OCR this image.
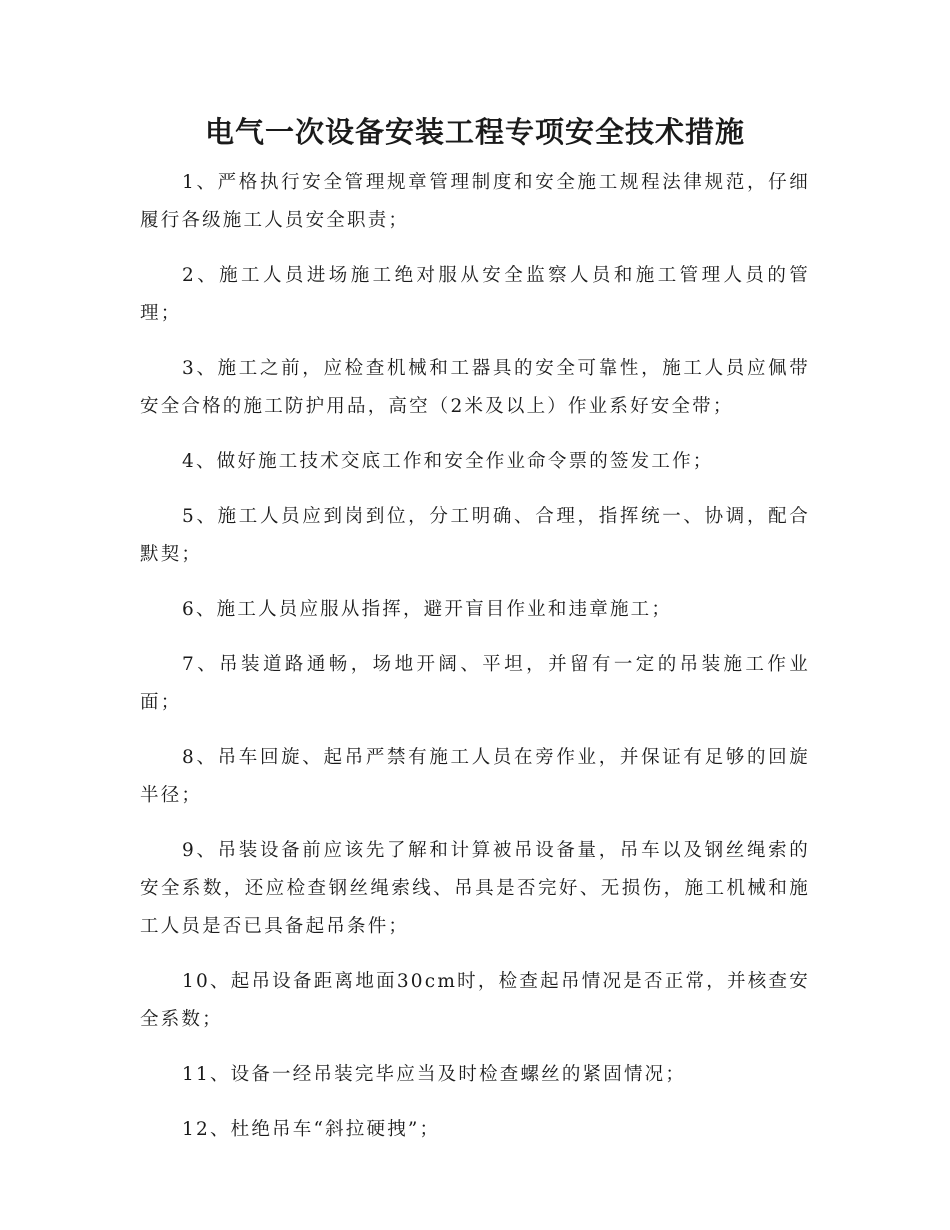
电气一次设备安装工程专项安全技术措施

1、严格执行安全管理规章管理制度和安全施工规程法律规范，仔细履行各级施工人员安全职责；

2、施工人员进场施工绝对服从安全监察人员和施工管理人员的管理；

3、施工之前，应检查机械和工器具的安全可靠性，施工人员应佩带安全合格的施工防护用品，高空（2米及以上）作业系好安全带；

4、做好施工技术交底工作和安全作业命令票的签发工作；

5、施工人员应到岗到位，分工明确、合理，指挥统一、协调，配合默契；

6、施工人员应服从指挥，避开盲目作业和违章施工；

7、吊装道路通畅，场地开阔、平坦，并留有一定的吊装施工作业面；

8、吊车回旋、起吊严禁有施工人员在旁作业，并保证有足够的回旋半径；

9、吊装设备前应该先了解和计算被吊设备量，吊车以及钢丝绳索的安全系数，还应检查钢丝绳索线、吊具是否完好、无损伤，施工机械和施工人员是否已具备起吊条件；

10、起吊设备距离地面30cm时，检查起吊情况是否正常，并核查安全系数；

11、设备一经吊装完毕应当及时检查螺丝的紧固情况；

12、杜绝吊车“斜拉硬拽”；
